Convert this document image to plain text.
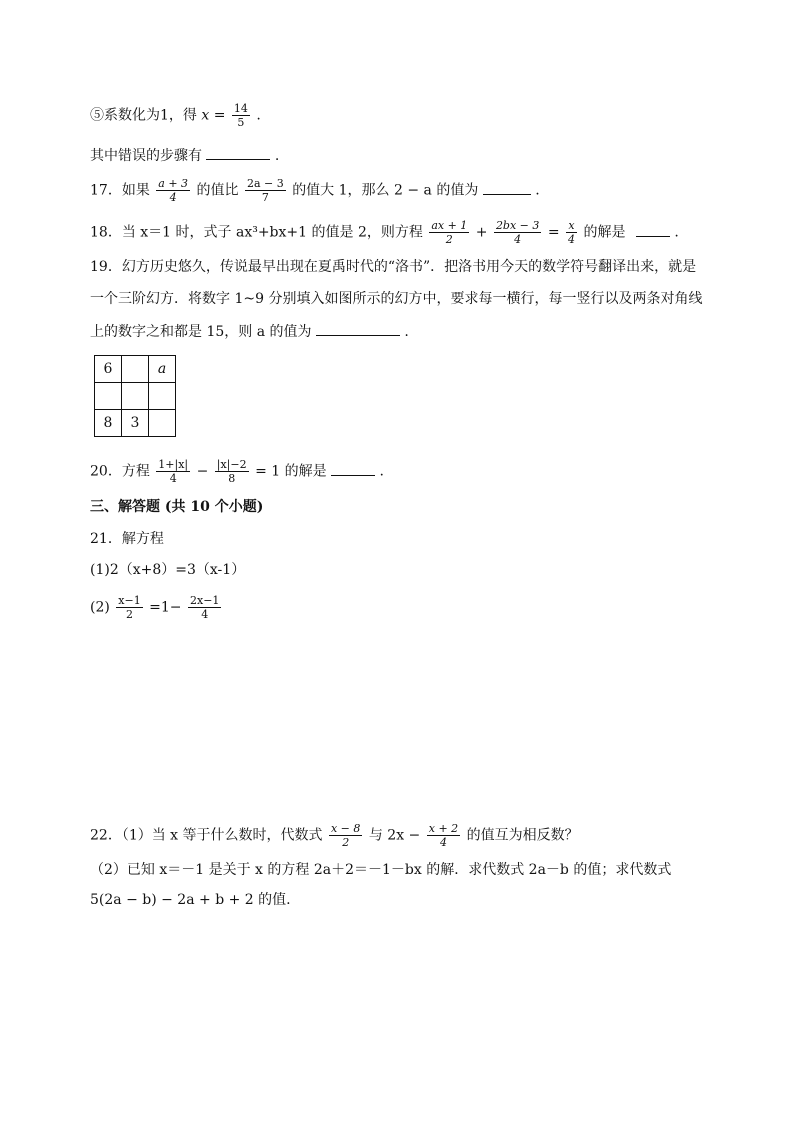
⑤系数化为1，得 $x = \frac{14}{5}$ .
其中错误的步骤有	.
17．如果 $\frac{a + 3}{4}$ 的值比 $\frac{2a - 3}{7}$ 的值大 1，那么 2 − a 的值为	.
18．当 x＝1 时，式子 ax³+bx+1 的值是 2，则方程 $\frac{ax + 1}{2} + \frac{2bx - 3}{4} = \frac{x}{4}$ 的解是	.
19．幻方历史悠久，传说最早出现在夏禹时代的“洛书”．把洛书用今天的数学符号翻译出来，就是
一个三阶幻方．将数字 1~9 分别填入如图所示的幻方中，要求每一横行，每一竖行以及两条对角线
上的数字之和都是 15，则 a 的值为	.
6		a

8	3	
20．方程 $\frac{1+|x|}{4} - \frac{|x|-2}{8} = 1$ 的解是	.
三、解答题 (共 10 个小题)
21．解方程
(1)2（x+8）=3（x-1）
$(2) \frac{x-1}{2} =1- \frac{2x-1}{4}$
22．（1）当 x 等于什么数时，代数式 $\frac{x - 8}{2}$ 与 $2x - \frac{x + 2}{4}$ 的值互为相反数？
（2）已知 x＝－1 是关于 x 的方程 2a＋2＝－1－bx 的解．求代数式 2a－b 的值；求代数式
5(2a − b) − 2a + b + 2 的值.
